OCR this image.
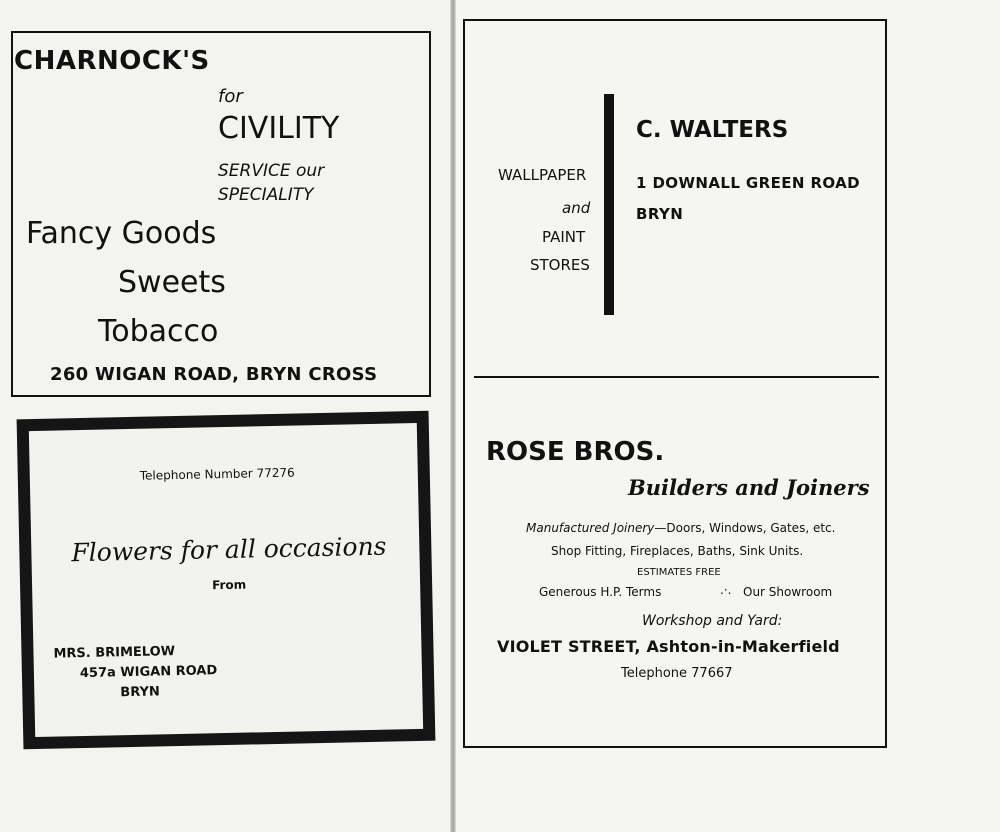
CHARNOCK'S
for
CIVILITY
SERVICE our
SPECIALITY
Fancy Goods
Sweets
Tobacco
260 WIGAN ROAD, BRYN CROSS
Telephone Number 77276
Flowers for all occasions
From
MRS. BRIMELOW
457a WIGAN ROAD
BRYN
WALLPAPER
and
PAINT
STORES
C. WALTERS
1 DOWNALL GREEN ROAD
BRYN
ROSE BROS.
Builders and Joiners
Manufactured Joinery—Doors, Windows, Gates, etc.
Shop Fitting, Fireplaces, Baths, Sink Units.
ESTIMATES FREE
Generous H.P. Terms	.·. Our Showroom
Workshop and Yard:
VIOLET STREET, Ashton-in-Makerfield
Telephone 77667
